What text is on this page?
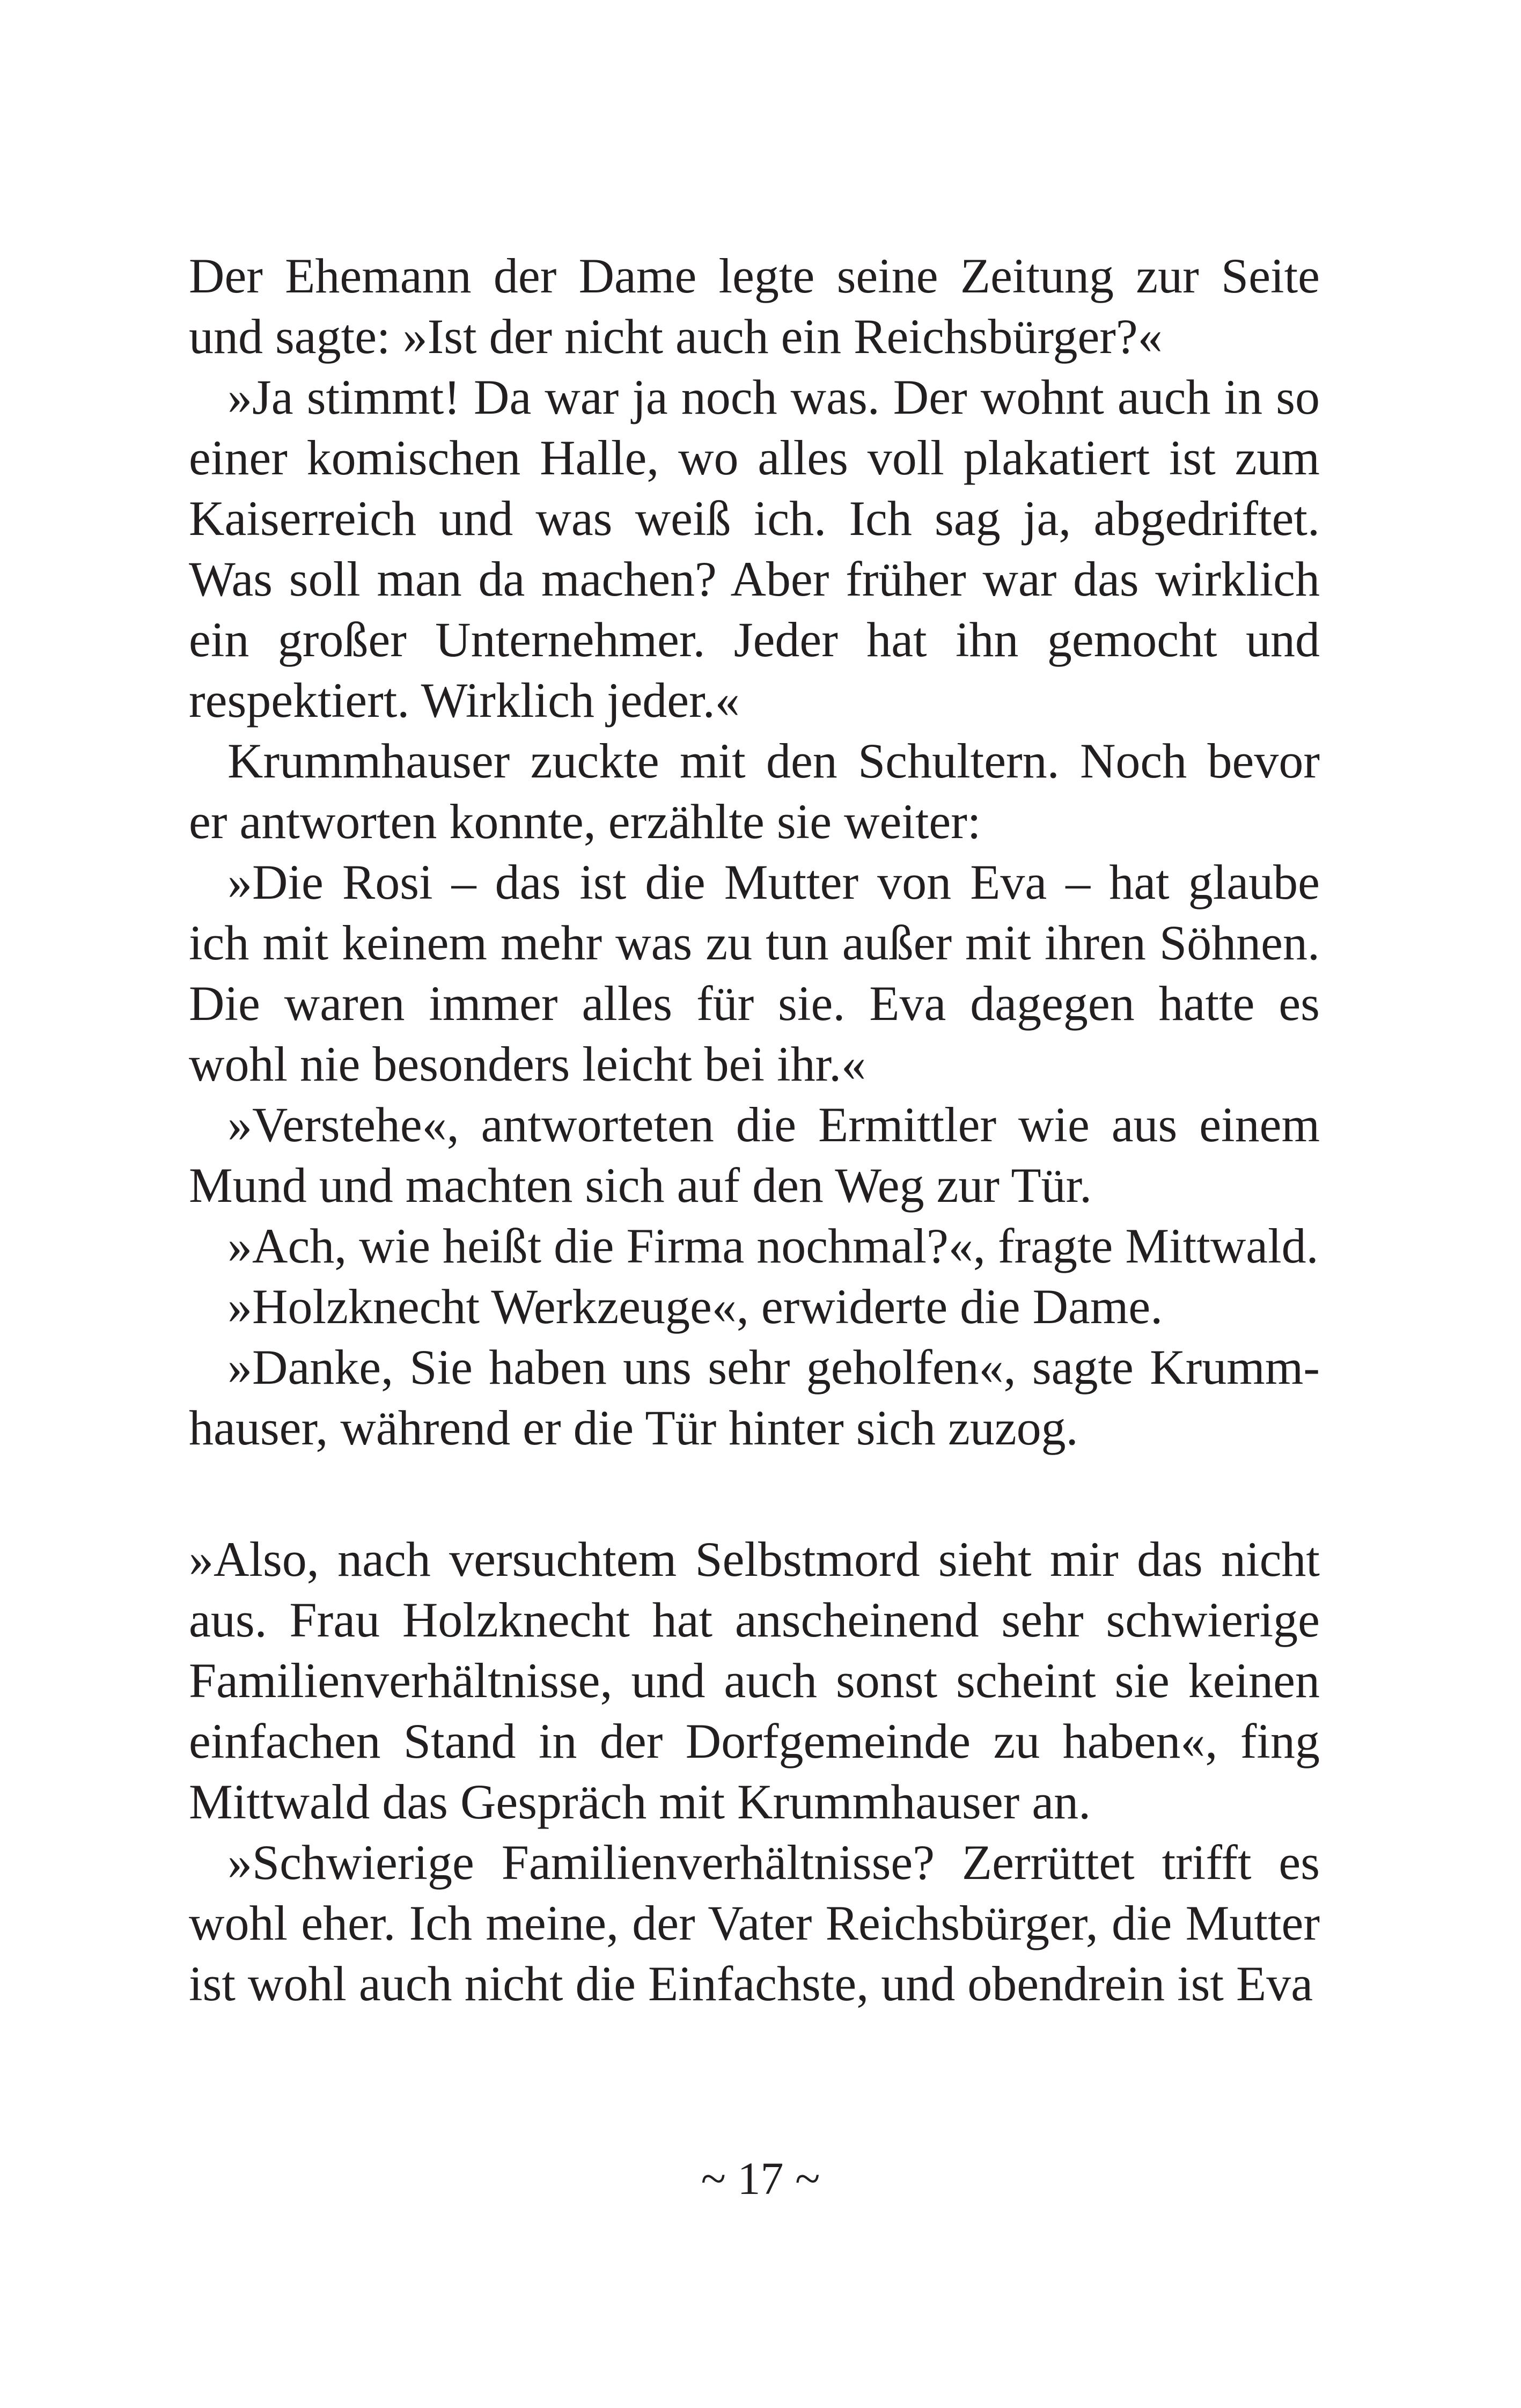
Der Ehemann der Dame legte seine Zeitung zur Seite und sagte: »Ist der nicht auch ein Reichsbürger?«

»Ja stimmt! Da war ja noch was. Der wohnt auch in so einer komischen Halle, wo alles voll plakatiert ist zum Kaiserreich und was weiß ich. Ich sag ja, abgedriftet. Was soll man da machen? Aber früher war das wirklich ein großer Unternehmer. Jeder hat ihn gemocht und respektiert. Wirklich jeder.«

Krummhauser zuckte mit den Schultern. Noch bevor er antworten konnte, erzählte sie weiter:

»Die Rosi – das ist die Mutter von Eva – hat glaube ich mit keinem mehr was zu tun außer mit ihren Söhnen. Die waren immer alles für sie. Eva dagegen hatte es wohl nie besonders leicht bei ihr.«

»Verstehe«, antworteten die Ermittler wie aus einem Mund und machten sich auf den Weg zur Tür.

»Ach, wie heißt die Firma nochmal?«, fragte Mittwald.

»Holzknecht Werkzeuge«, erwiderte die Dame.

»Danke, Sie haben uns sehr geholfen«, sagte Krummhauser, während er die Tür hinter sich zuzog.

»Also, nach versuchtem Selbstmord sieht mir das nicht aus. Frau Holzknecht hat anscheinend sehr schwierige Familienverhältnisse, und auch sonst scheint sie keinen einfachen Stand in der Dorfgemeinde zu haben«, fing Mittwald das Gespräch mit Krummhauser an.

»Schwierige Familienverhältnisse? Zerrüttet trifft es wohl eher. Ich meine, der Vater Reichsbürger, die Mutter ist wohl auch nicht die Einfachste, und obendrein ist Eva

~ 17 ~
